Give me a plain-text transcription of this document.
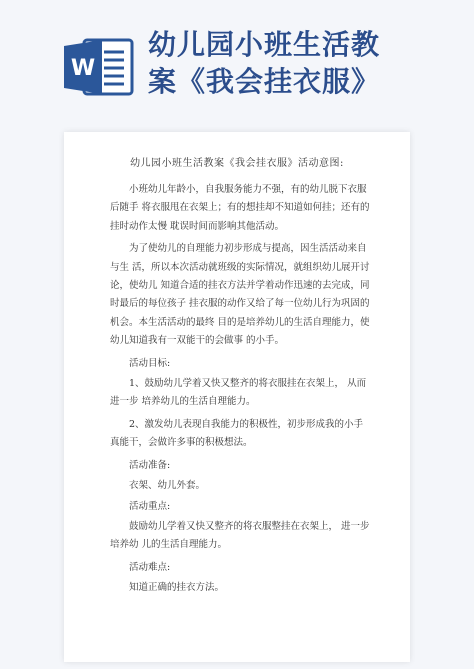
W
幼儿园小班生活教
案《我会挂衣服》
幼儿园小班生活教案《我会挂衣服》活动意图:

小班幼儿年龄小，自我服务能力不强，有的幼儿脱下衣服后随手 将衣服甩在衣架上；有的想挂却不知道如何挂；还有的挂时动作太慢 耽误时间而影响其他活动。

为了使幼儿的自理能力初步形成与提高，因生活活动来自与生 活，所以本次活动就班级的实际情况，就组织幼儿展开讨论，使幼儿 知道合适的挂衣方法并学着动作迅速的去完成，同时最后的每位孩子 挂衣服的动作又给了每一位幼儿行为巩固的机会。本生活活动的最终 目的是培养幼儿的生活自理能力，使幼儿知道我有一双能干的会做事 的小手。

活动目标:

1、鼓励幼儿学着又快又整齐的将衣服挂在衣架上， 从而进一步 培养幼儿的生活自理能力。

2、激发幼儿表现自我能力的积极性，初步形成我的小手真能干，会做许多事的积极想法。

活动准备:

衣架、幼儿外套。

活动重点:

鼓励幼儿学着又快又整齐的将衣服整挂在衣架上， 进一步培养幼 儿的生活自理能力。

活动难点:

知道正确的挂衣方法。
